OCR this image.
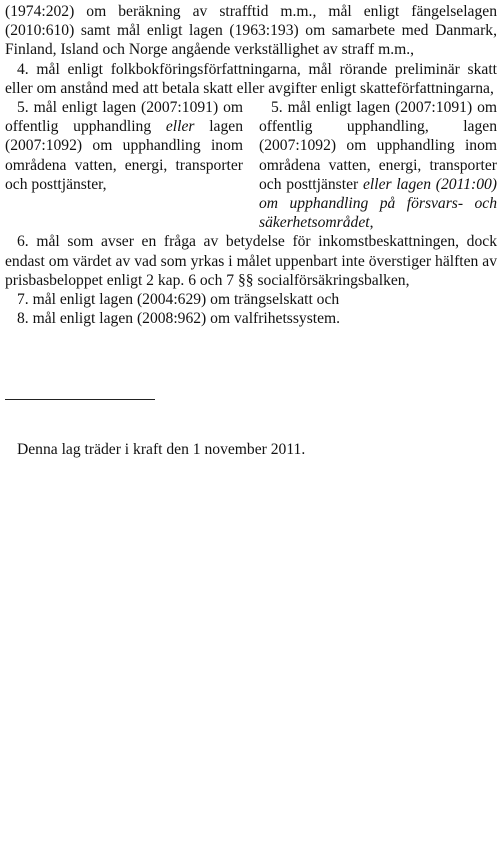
(1974:202) om beräkning av strafftid m.m., mål enligt fängelselagen (2010:610) samt mål enligt lagen (1963:193) om samarbete med Danmark, Finland, Island och Norge angående verkställighet av straff m.m.,

4. mål enligt folkbokföringsförfattningarna, mål rörande preliminär skatt eller om anstånd med att betala skatt eller avgifter enligt skatteförfattningarna,

5. mål enligt lagen (2007:1091) om offentlig upphandling eller lagen (2007:1092) om upphandling inom områdena vatten, energi, transporter och posttjänster,

5. mål enligt lagen (2007:1091) om offentlig upphandling, lagen (2007:1092) om upphandling inom områdena vatten, energi, transporter och posttjänster eller lagen (2011:00) om upphandling på försvars- och säkerhetsområdet,

6. mål som avser en fråga av betydelse för inkomstbeskattningen, dock endast om värdet av vad som yrkas i målet uppenbart inte överstiger hälften av prisbasbeloppet enligt 2 kap. 6 och 7 §§ socialförsäkringsbalken,

7. mål enligt lagen (2004:629) om trängselskatt och

8. mål enligt lagen (2008:962) om valfrihetssystem.

Denna lag träder i kraft den 1 november 2011.
